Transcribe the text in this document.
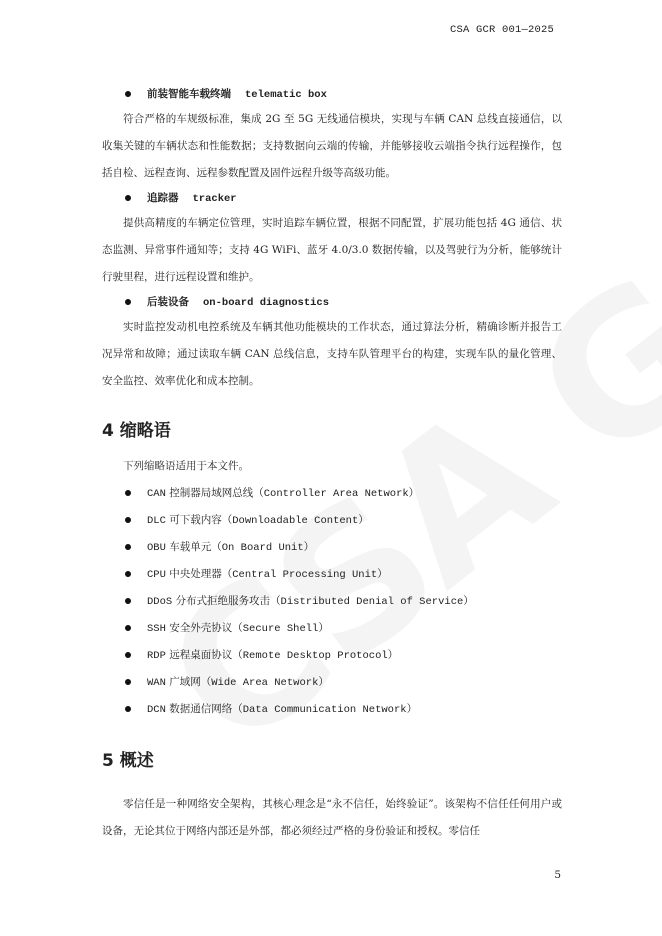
CSA GCR 001—2025
前装智能车载终端 telematic box

符合严格的车规级标准，集成 2G 至 5G 无线通信模块，实现与车辆 CAN 总线直接通信，以收集关键的车辆状态和性能数据；支持数据向云端的传输，并能够接收云端指令执行远程操作，包括自检、远程查询、远程参数配置及固件远程升级等高级功能。

追踪器 tracker

提供高精度的车辆定位管理，实时追踪车辆位置，根据不同配置，扩展功能包括 4G 通信、状态监测、异常事件通知等；支持 4G WiFi、蓝牙 4.0/3.0 数据传输，以及驾驶行为分析，能够统计行驶里程，进行远程设置和维护。

后装设备 on-board diagnostics

实时监控发动机电控系统及车辆其他功能模块的工作状态，通过算法分析，精确诊断并报告工况异常和故障；通过读取车辆 CAN 总线信息，支持车队管理平台的构建，实现车队的量化管理、安全监控、效率优化和成本控制。

4 缩略语
下列缩略语适用于本文件。
CAN 控制器局域网总线（Controller Area Network）
DLC 可下载内容（Downloadable Content）
OBU 车载单元（On Board Unit）
CPU 中央处理器（Central Processing Unit）
DDoS 分布式拒绝服务攻击（Distributed Denial of Service）
SSH 安全外壳协议（Secure Shell）
RDP 远程桌面协议（Remote Desktop Protocol）
WAN 广域网（Wide Area Network）
DCN 数据通信网络（Data Communication Network）
5 概述

零信任是一种网络安全架构，其核心理念是“永不信任，始终验证”。该架构不信任任何用户或设备，无论其位于网络内部还是外部，都必须经过严格的身份验证和授权。零信任

5
